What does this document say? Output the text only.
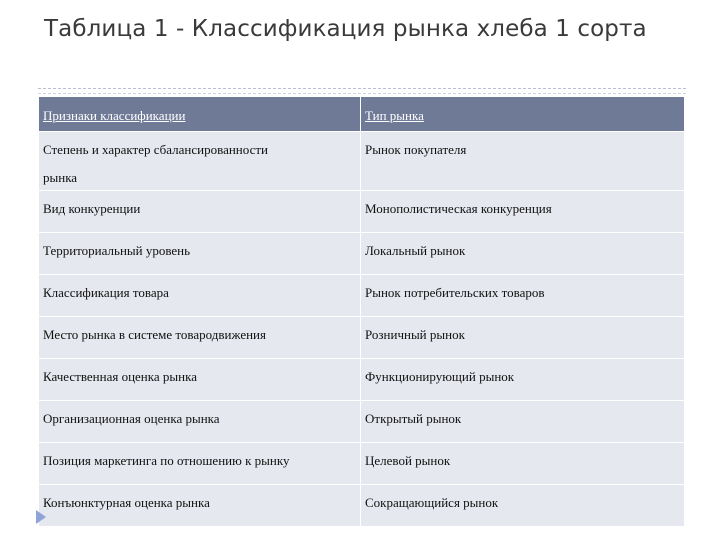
Таблица 1 - Классификация рынка хлеба 1 сорта
Признаки классификации	Тип рынка
Степень и характер сбалансированности
рынка	Рынок покупателя
Вид конкуренции	Монополистическая конкуренция
Территориальный уровень	Локальный рынок
Классификация товара	Рынок потребительских товаров
Место рынка в системе товародвижения	Розничный рынок
Качественная оценка рынка	Функционирующий рынок
Организационная оценка рынка	Открытый рынок
Позиция маркетинга по отношению к рынку	Целевой рынок
Конъюнктурная оценка рынка	Сокращающийся рынок
